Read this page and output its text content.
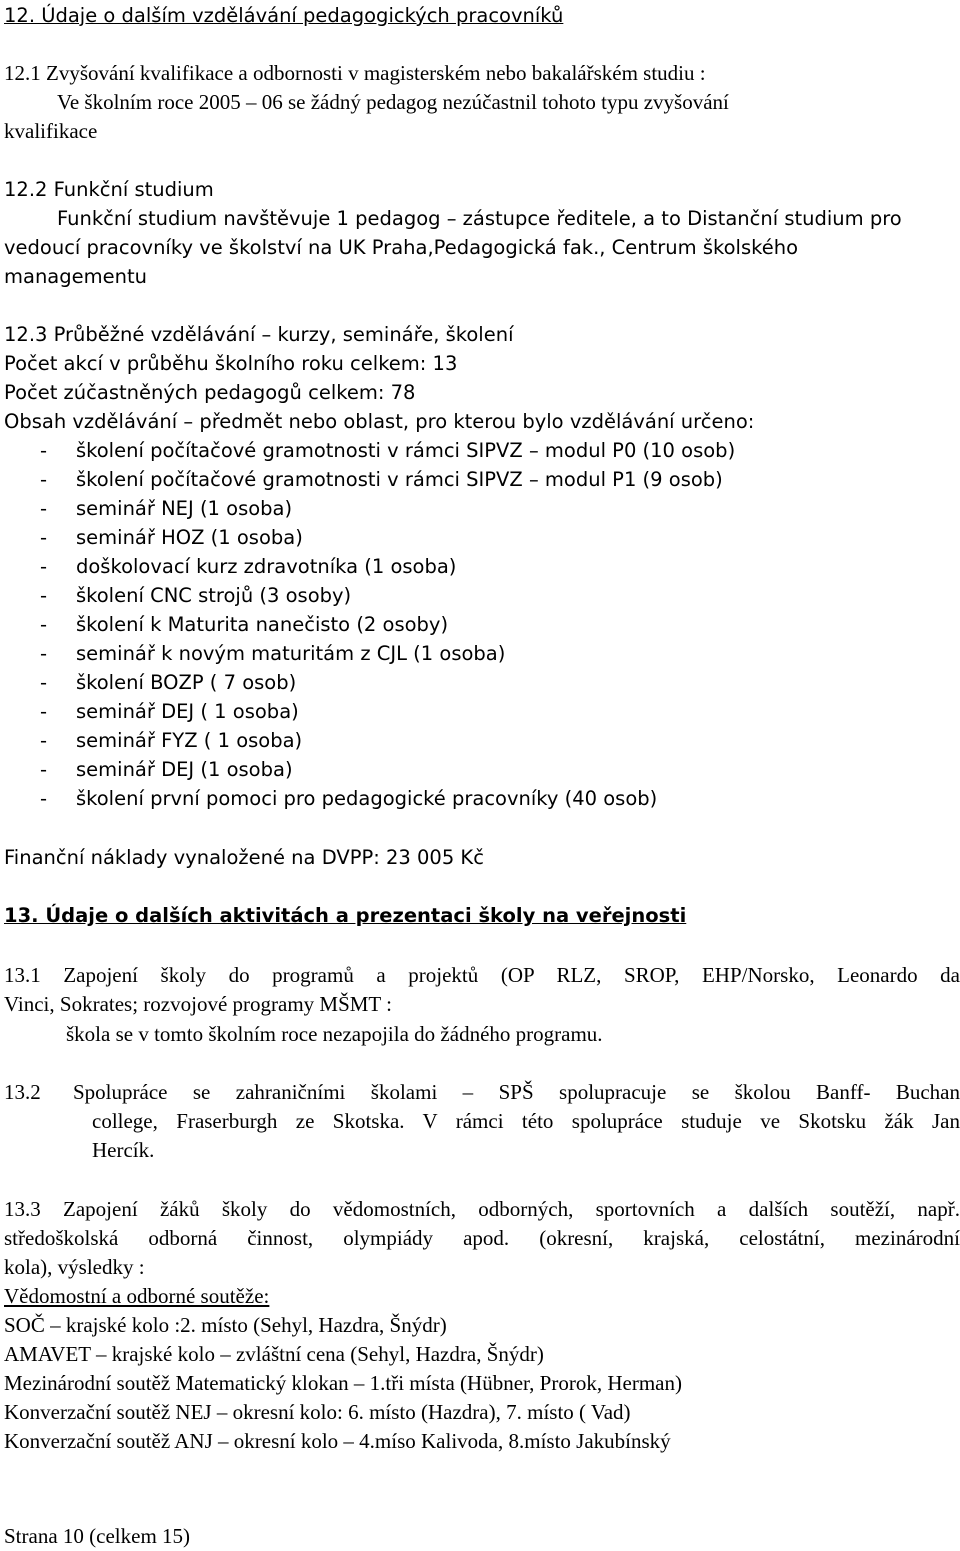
12. Údaje o dalším vzdělávání pedagogických pracovníků
12.1 Zvyšování kvalifikace a odbornosti v magisterském nebo bakalářském studiu :
Ve školním roce 2005 – 06 se žádný pedagog nezúčastnil tohoto typu zvyšování
kvalifikace
12.2 Funkční studium
Funkční studium navštěvuje 1 pedagog – zástupce ředitele, a to Distanční studium pro
vedoucí pracovníky ve školství na UK Praha,Pedagogická fak., Centrum školského
managementu
12.3 Průběžné vzdělávání – kurzy, semináře, školení
Počet akcí v průběhu školního roku celkem: 13
Počet zúčastněných pedagogů celkem: 78
Obsah vzdělávání – předmět nebo oblast, pro kterou bylo vzdělávání určeno:
- školení počítačové gramotnosti v rámci SIPVZ – modul P0 (10 osob)
- školení počítačové gramotnosti v rámci SIPVZ – modul P1 (9 osob)
- seminář NEJ (1 osoba)
- seminář HOZ (1 osoba)
- doškolovací kurz zdravotníka (1 osoba)
- školení CNC strojů (3 osoby)
- školení k Maturita nanečisto (2 osoby)
- seminář k novým maturitám z CJL (1 osoba)
- školení BOZP ( 7 osob)
- seminář DEJ ( 1 osoba)
- seminář FYZ ( 1 osoba)
- seminář DEJ (1 osoba)
- školení první pomoci pro pedagogické pracovníky (40 osob)
Finanční náklady vynaložené na DVPP: 23 005 Kč
13. Údaje o dalších aktivitách a prezentaci školy na veřejnosti
13.1 Zapojení školy do programů a projektů (OP RLZ, SROP, EHP/Norsko, Leonardo da
Vinci, Sokrates; rozvojové programy MŠMT :
škola se v tomto školním roce nezapojila do žádného programu.
13.2	Spolupráce se zahraničními školami – SPŠ spolupracuje se školou Banff- Buchan
college, Fraserburgh ze Skotska. V rámci této spolupráce studuje ve Skotsku žák Jan
Hercík.
13.3 Zapojení žáků školy do vědomostních, odborných, sportovních a dalších soutěží, např.
středoškolská odborná činnost, olympiády apod. (okresní, krajská, celostátní, mezinárodní
kola), výsledky :
Vědomostní a odborné soutěže:
SOČ – krajské kolo :2. místo (Sehyl, Hazdra, Šnýdr)
AMAVET – krajské kolo – zvláštní cena (Sehyl, Hazdra, Šnýdr)
Mezinárodní soutěž Matematický klokan – 1.tři místa (Hübner, Prorok, Herman)
Konverzační soutěž NEJ – okresní kolo: 6. místo (Hazdra), 7. místo ( Vad)
Konverzační soutěž ANJ – okresní kolo – 4.míso Kalivoda, 8.místo Jakubínský
Strana 10 (celkem 15)
